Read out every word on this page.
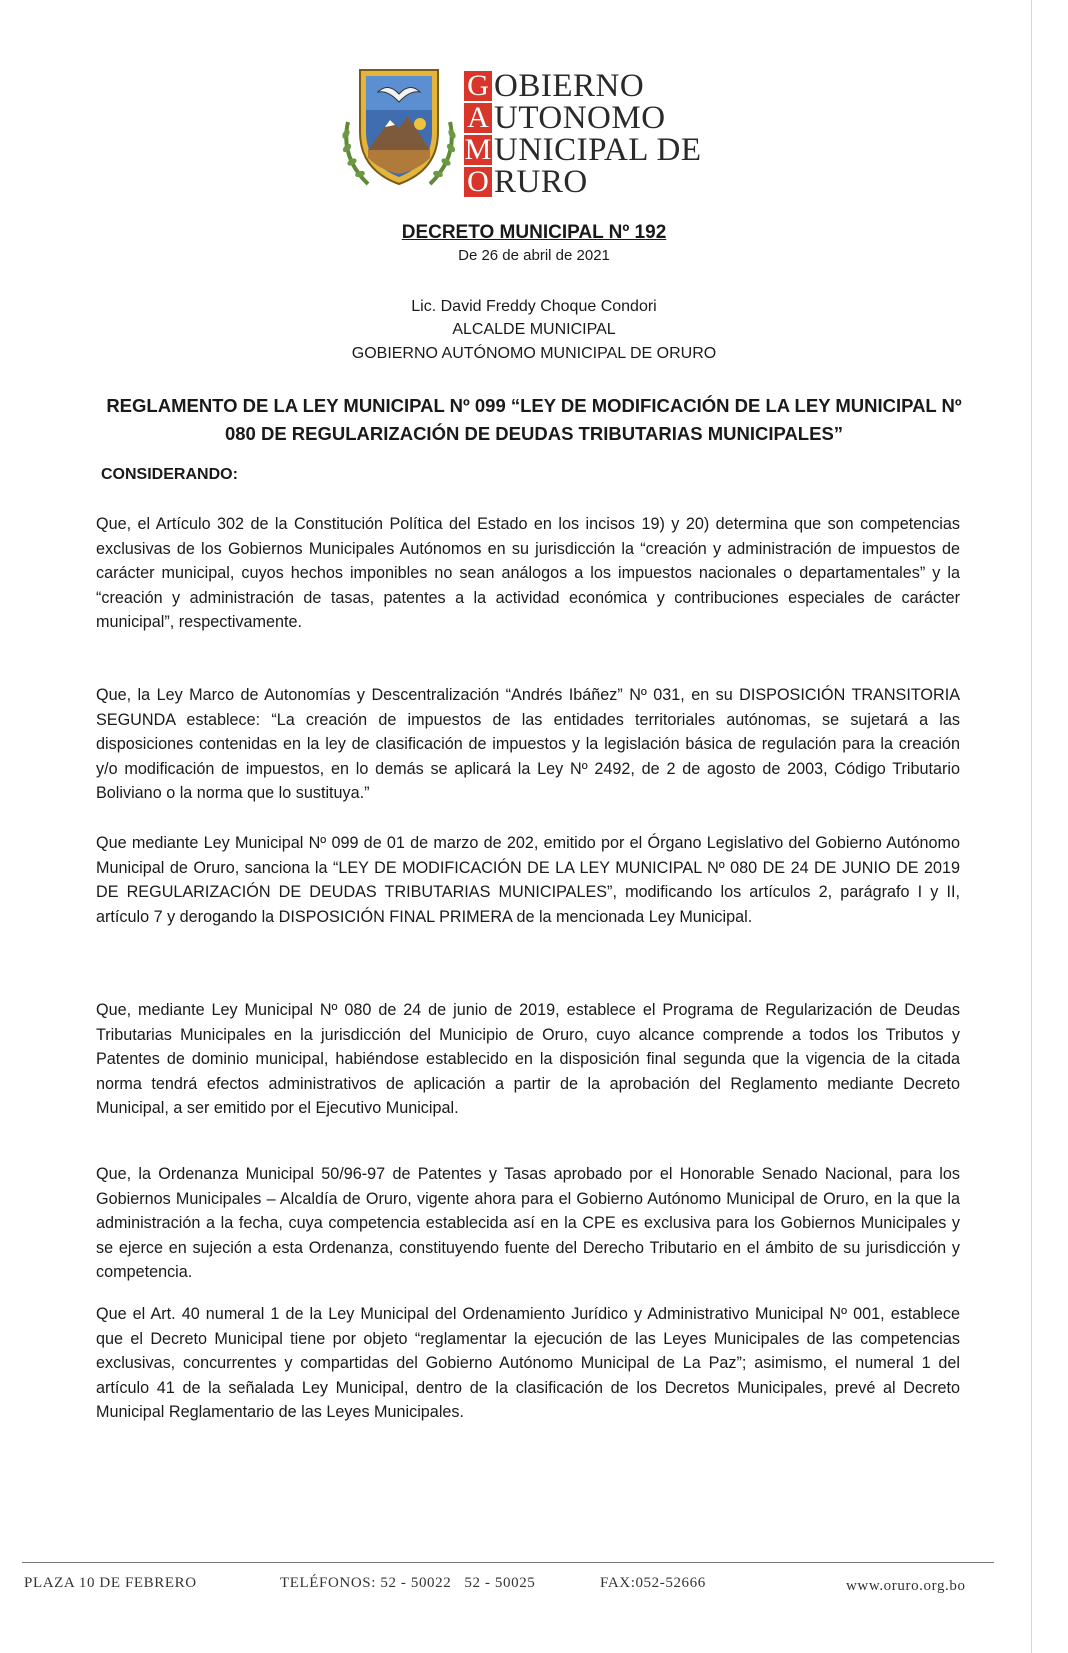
G OBIERNO
A UTONOMO
M UNICIPAL DE
O RURO
DECRETO MUNICIPAL Nº 192
De 26 de abril de 2021
Lic. David Freddy Choque Condori
ALCALDE MUNICIPAL
GOBIERNO AUTÓNOMO MUNICIPAL DE ORURO
REGLAMENTO DE LA LEY MUNICIPAL Nº 099 “LEY DE MODIFICACIÓN DE LA LEY MUNICIPAL Nº 080 DE REGULARIZACIÓN DE DEUDAS TRIBUTARIAS MUNICIPALES”
CONSIDERANDO:

Que, el Artículo 302 de la Constitución Política del Estado en los incisos 19) y 20) determina que son competencias exclusivas de los Gobiernos Municipales Autónomos en su jurisdicción la “creación y administración de impuestos de carácter municipal, cuyos hechos imponibles no sean análogos a los impuestos nacionales o departamentales” y la “creación y administración de tasas, patentes a la actividad económica y contribuciones especiales de carácter municipal”, respectivamente.

Que, la Ley Marco de Autonomías y Descentralización “Andrés Ibáñez” Nº 031, en su DISPOSICIÓN TRANSITORIA SEGUNDA establece: “La creación de impuestos de las entidades territoriales autónomas, se sujetará a las disposiciones contenidas en la ley de clasificación de impuestos y la legislación básica de regulación para la creación y/o modificación de impuestos, en lo demás se aplicará la Ley Nº 2492, de 2 de agosto de 2003, Código Tributario Boliviano o la norma que lo sustituya.”

Que mediante Ley Municipal Nº 099 de 01 de marzo de 202, emitido por el Órgano Legislativo del Gobierno Autónomo Municipal de Oruro, sanciona la “LEY DE MODIFICACIÓN DE LA LEY MUNICIPAL Nº 080 DE 24 DE JUNIO DE 2019 DE REGULARIZACIÓN DE DEUDAS TRIBUTARIAS MUNICIPALES”, modificando los artículos 2, parágrafo I y II, artículo 7 y derogando la DISPOSICIÓN FINAL PRIMERA de la mencionada Ley Municipal.

Que, mediante Ley Municipal Nº 080 de 24 de junio de 2019, establece el Programa de Regularización de Deudas Tributarias Municipales en la jurisdicción del Municipio de Oruro, cuyo alcance comprende a todos los Tributos y Patentes de dominio municipal, habiéndose establecido en la disposición final segunda que la vigencia de la citada norma tendrá efectos administrativos de aplicación a partir de la aprobación del Reglamento mediante Decreto Municipal, a ser emitido por el Ejecutivo Municipal.

Que, la Ordenanza Municipal 50/96-97 de Patentes y Tasas aprobado por el Honorable Senado Nacional, para los Gobiernos Municipales – Alcaldía de Oruro, vigente ahora para el Gobierno Autónomo Municipal de Oruro, en la que la administración a la fecha, cuya competencia establecida así en la CPE es exclusiva para los Gobiernos Municipales y se ejerce en sujeción a esta Ordenanza, constituyendo fuente del Derecho Tributario en el ámbito de su jurisdicción y competencia.

Que el Art. 40 numeral 1 de la Ley Municipal del Ordenamiento Jurídico y Administrativo Municipal Nº 001, establece que el Decreto Municipal tiene por objeto “reglamentar la ejecución de las Leyes Municipales de las competencias exclusivas, concurrentes y compartidas del Gobierno Autónomo Municipal de La Paz”; asimismo, el numeral 1 del artículo 41 de la señalada Ley Municipal, dentro de la clasificación de los Decretos Municipales, prevé al Decreto Municipal Reglamentario de las Leyes Municipales.

PLAZA 10 DE FEBRERO	TELÉFONOS: 52 - 50022   52 - 50025	FAX:052-52666	www.oruro.org.bo
